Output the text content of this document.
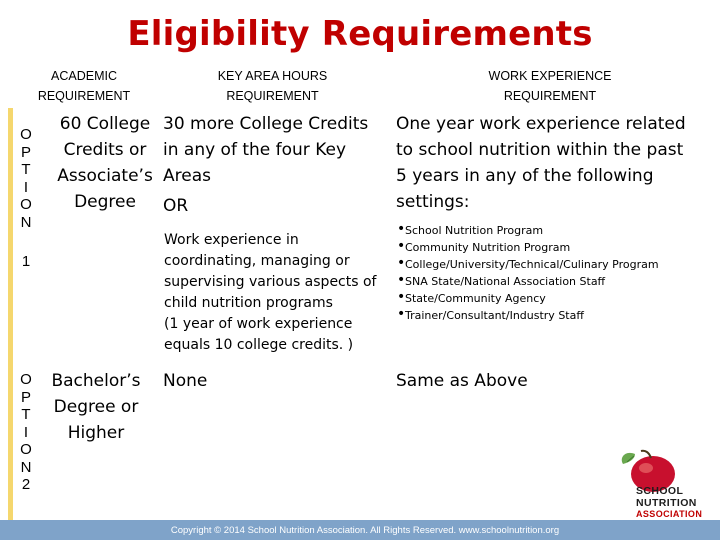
Eligibility Requirements
ACADEMIC REQUIREMENT
KEY AREA HOURS REQUIREMENT
WORK EXPERIENCE REQUIREMENT
O
P
T
I
O
N
1
60 College
Credits or
Associate’s
Degree
30 more College Credits
in any of the four Key
Areas
OR
Work experience in
coordinating, managing or
supervising various aspects of
child nutrition programs
(1 year of work experience
equals 10 college credits. )
One year work experience related
to school nutrition within the past
5 years in any of the following
settings:
• School Nutrition Program
• Community Nutrition Program
• College/University/Technical/Culinary Program
• SNA State/National Association Staff
• State/Community Agency
• Trainer/Consultant/Industry Staff
O
P
T
I
O
N
2
Bachelor’s
Degree or
Higher
None	Same as Above
SCHOOL
NUTRITION
ASSOCIATION
Copyright © 2014 School Nutrition Association. All Rights Reserved. www.schoolnutrition.org
